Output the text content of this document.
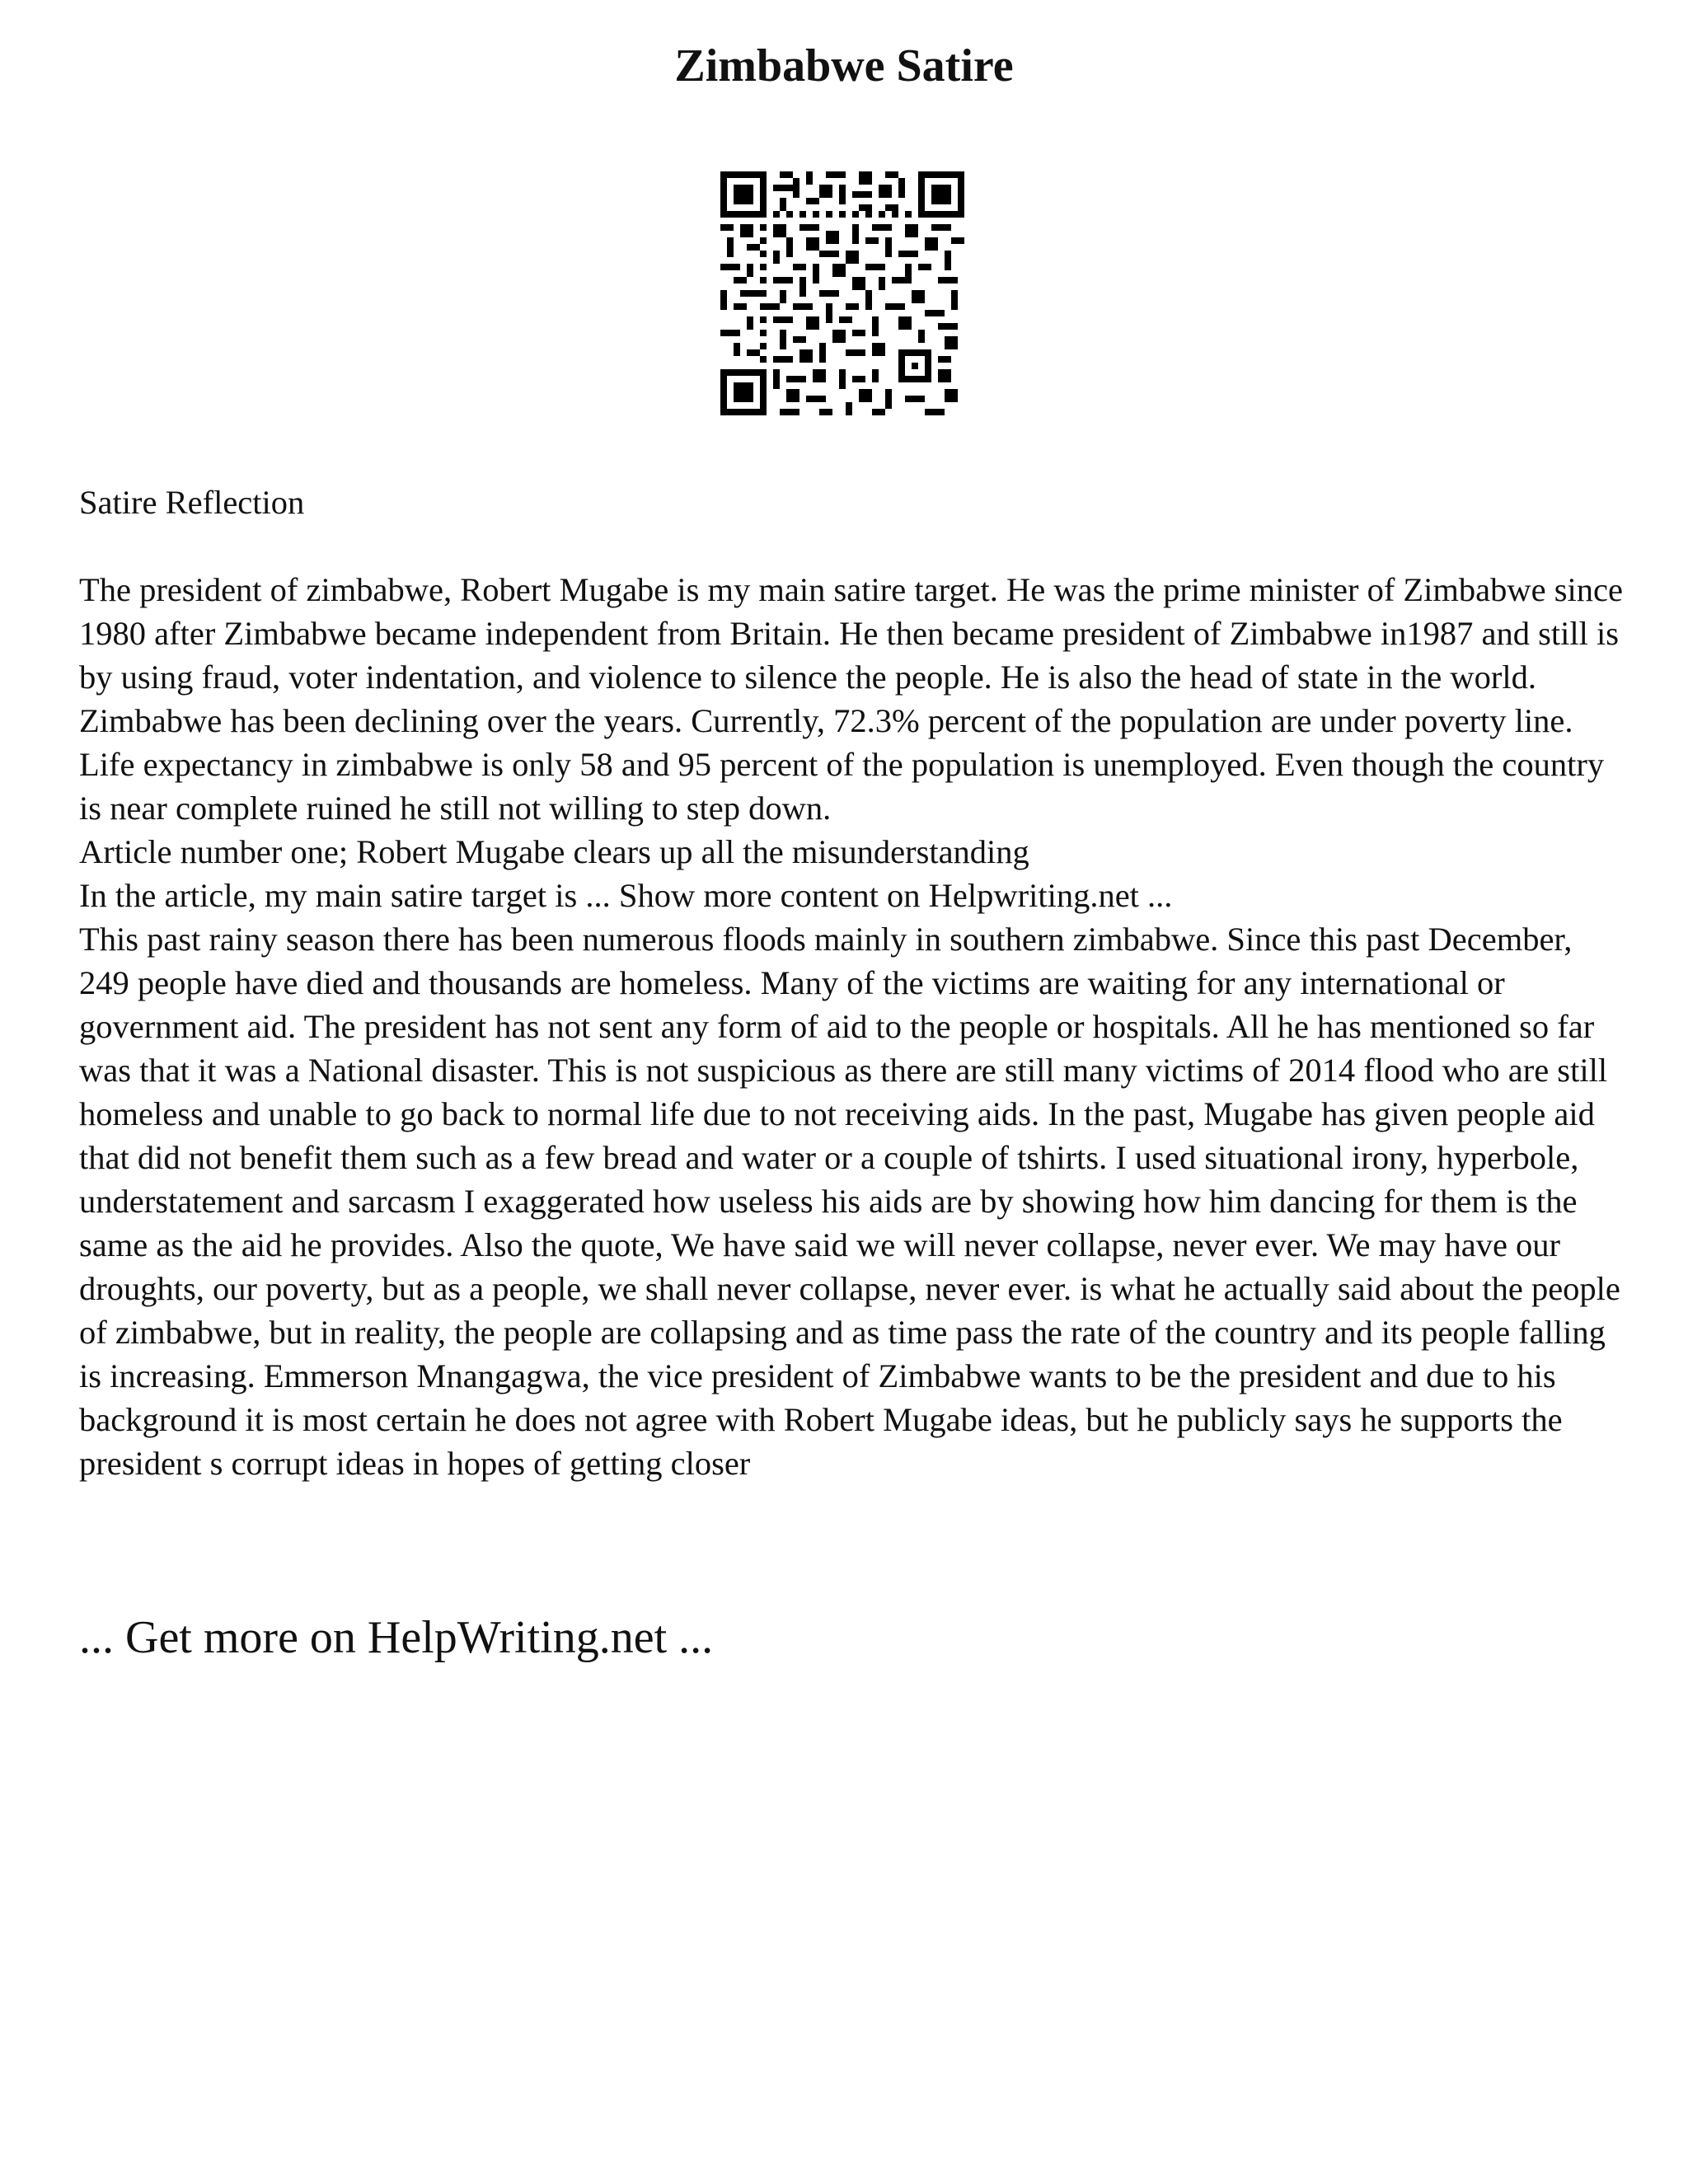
Zimbabwe Satire

Satire Reflection

The president of zimbabwe, Robert Mugabe is my main satire target. He was the prime minister of Zimbabwe since 1980 after Zimbabwe became independent from Britain. He then became president of Zimbabwe in1987 and still is by using fraud, voter indentation, and violence to silence the people. He is also the head of state in the world. Zimbabwe has been declining over the years. Currently, 72.3% percent of the population are under poverty line. Life expectancy in zimbabwe is only 58 and 95 percent of the population is unemployed. Even though the country is near complete ruined he still not willing to step down.

Article number one; Robert Mugabe clears up all the misunderstanding

In the article, my main satire target is ... Show more content on Helpwriting.net ...

This past rainy season there has been numerous floods mainly in southern zimbabwe. Since this past December, 249 people have died and thousands are homeless. Many of the victims are waiting for any international or government aid. The president has not sent any form of aid to the people or hospitals. All he has mentioned so far was that it was a National disaster. This is not suspicious as there are still many victims of 2014 flood who are still homeless and unable to go back to normal life due to not receiving aids. In the past, Mugabe has given people aid that did not benefit them such as a few bread and water or a couple of tshirts. I used situational irony, hyperbole, understatement and sarcasm I exaggerated how useless his aids are by showing how him dancing for them is the same as the aid he provides. Also the quote, We have said we will never collapse, never ever. We may have our droughts, our poverty, but as a people, we shall never collapse, never ever. is what he actually said about the people of zimbabwe, but in reality, the people are collapsing and as time pass the rate of the country and its people falling is increasing. Emmerson Mnangagwa, the vice president of Zimbabwe wants to be the president and due to his background it is most certain he does not agree with Robert Mugabe ideas, but he publicly says he supports the president s corrupt ideas in hopes of getting closer

... Get more on HelpWriting.net ...
